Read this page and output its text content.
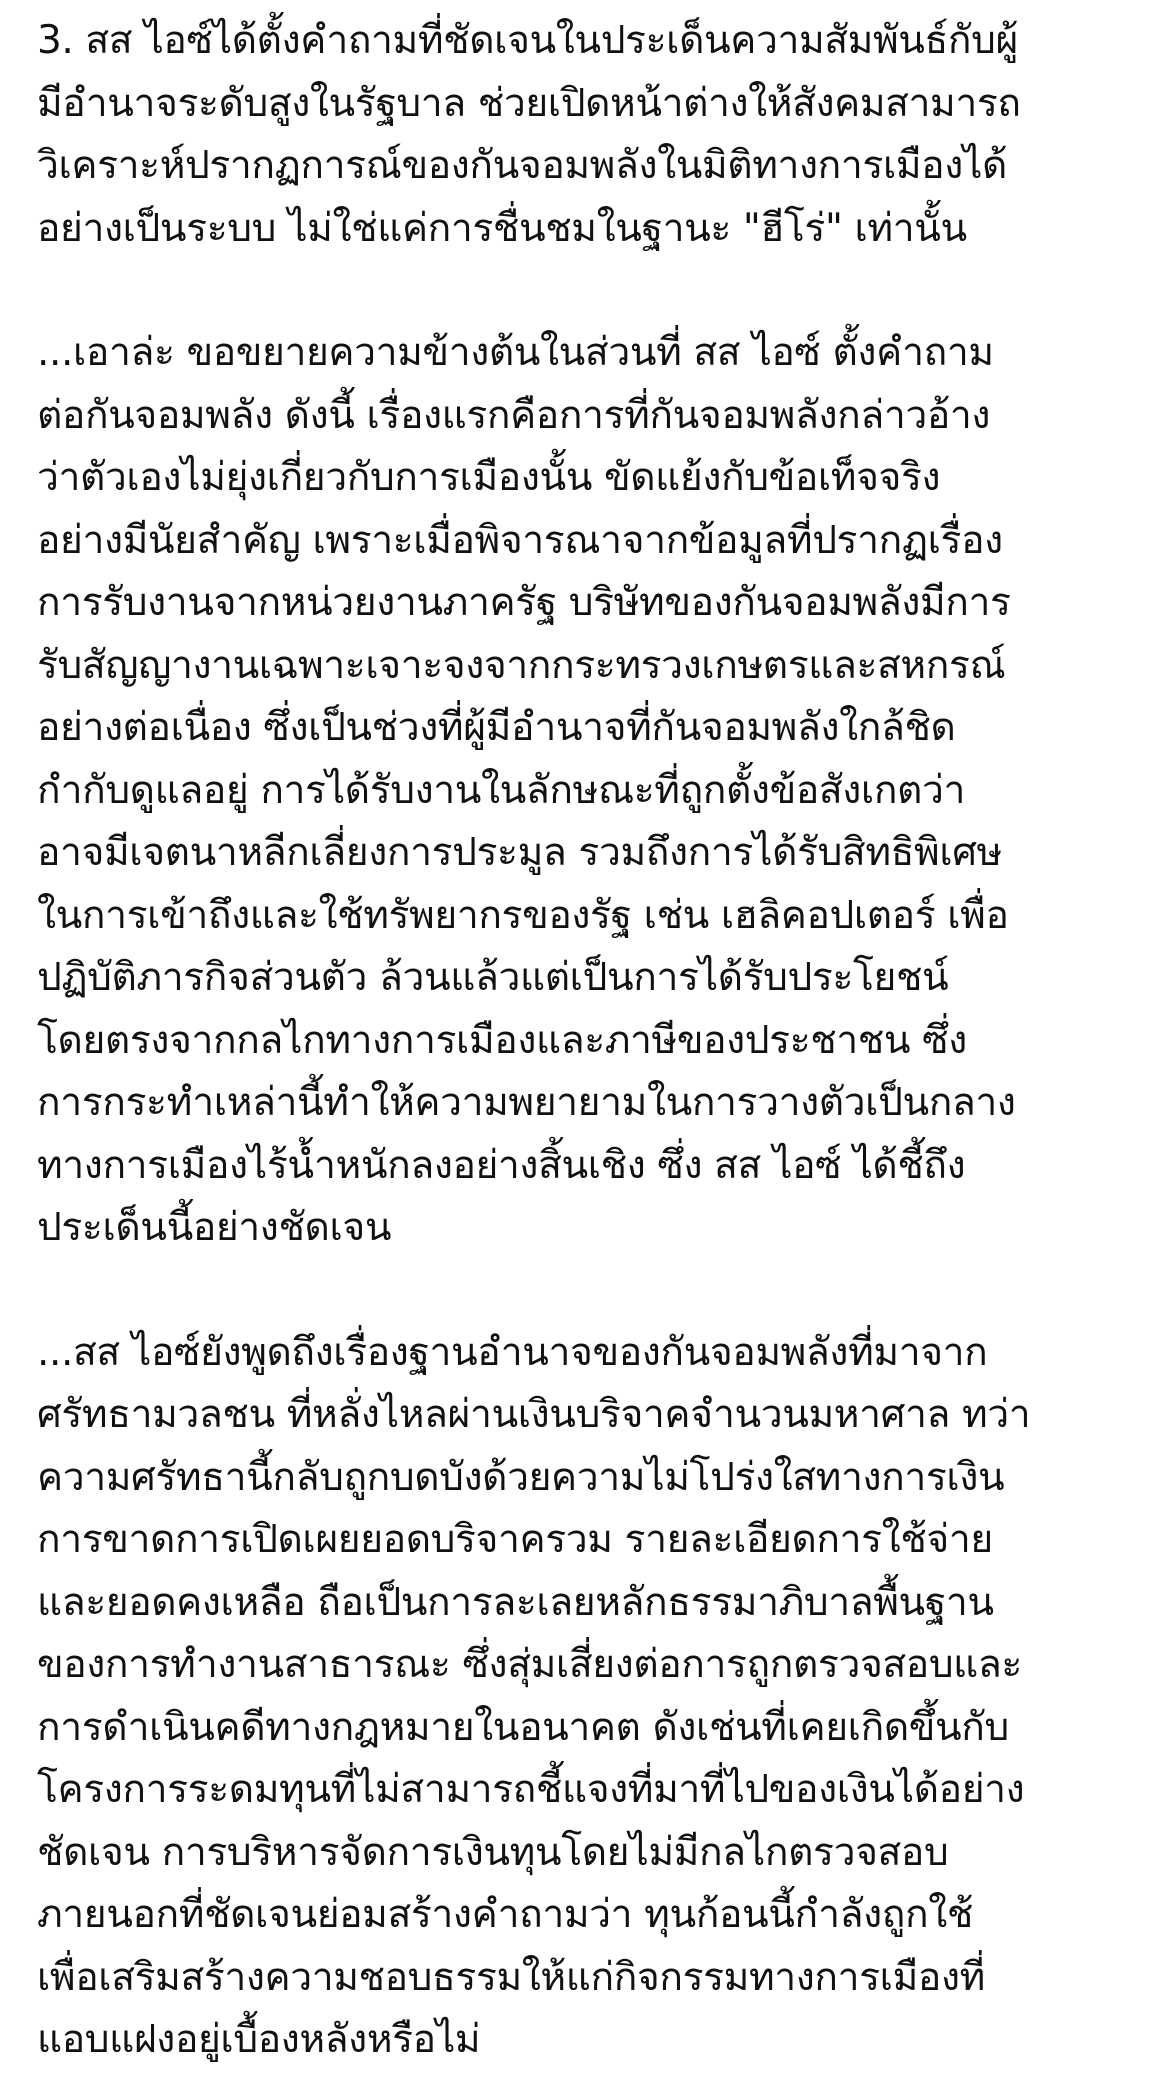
3. สส ไอซ์ได้ตั้งคำถามที่ชัดเจนในประเด็นความสัมพันธ์กับผู้
มีอำนาจระดับสูงในรัฐบาล ช่วยเปิดหน้าต่างให้สังคมสามารถ
วิเคราะห์ปรากฏการณ์ของกันจอมพลังในมิติทางการเมืองได้
อย่างเป็นระบบ ไม่ใช่แค่การชื่นชมในฐานะ "ฮีโร่" เท่านั้น
...เอาล่ะ ขอขยายความข้างต้นในส่วนที่ สส ไอซ์ ตั้งคำถาม
ต่อกันจอมพลัง ดังนี้ เรื่องแรกคือการที่กันจอมพลังกล่าวอ้าง
ว่าตัวเองไม่ยุ่งเกี่ยวกับการเมืองนั้น ขัดแย้งกับข้อเท็จจริง
อย่างมีนัยสำคัญ เพราะเมื่อพิจารณาจากข้อมูลที่ปรากฏเรื่อง
การรับงานจากหน่วยงานภาครัฐ บริษัทของกันจอมพลังมีการ
รับสัญญางานเฉพาะเจาะจงจากกระทรวงเกษตรและสหกรณ์
อย่างต่อเนื่อง ซึ่งเป็นช่วงที่ผู้มีอำนาจที่กันจอมพลังใกล้ชิด
กำกับดูแลอยู่ การได้รับงานในลักษณะที่ถูกตั้งข้อสังเกตว่า
อาจมีเจตนาหลีกเลี่ยงการประมูล รวมถึงการได้รับสิทธิพิเศษ
ในการเข้าถึงและใช้ทรัพยากรของรัฐ เช่น เฮลิคอปเตอร์ เพื่อ
ปฏิบัติภารกิจส่วนตัว ล้วนแล้วแต่เป็นการได้รับประโยชน์
โดยตรงจากกลไกทางการเมืองและภาษีของประชาชน ซึ่ง
การกระทำเหล่านี้ทำให้ความพยายามในการวางตัวเป็นกลาง
ทางการเมืองไร้น้ำหนักลงอย่างสิ้นเชิง ซึ่ง สส ไอซ์ ได้ชี้ถึง
ประเด็นนี้อย่างชัดเจน
...สส ไอซ์ยังพูดถึงเรื่องฐานอำนาจของกันจอมพลังที่มาจาก
ศรัทธามวลชน ที่หลั่งไหลผ่านเงินบริจาคจำนวนมหาศาล ทว่า
ความศรัทธานี้กลับถูกบดบังด้วยความไม่โปร่งใสทางการเงิน
การขาดการเปิดเผยยอดบริจาครวม รายละเอียดการใช้จ่าย
และยอดคงเหลือ ถือเป็นการละเลยหลักธรรมาภิบาลพื้นฐาน
ของการทำงานสาธารณะ ซึ่งสุ่มเสี่ยงต่อการถูกตรวจสอบและ
การดำเนินคดีทางกฎหมายในอนาคต ดังเช่นที่เคยเกิดขึ้นกับ
โครงการระดมทุนที่ไม่สามารถชี้แจงที่มาที่ไปของเงินได้อย่าง
ชัดเจน การบริหารจัดการเงินทุนโดยไม่มีกลไกตรวจสอบ
ภายนอกที่ชัดเจนย่อมสร้างคำถามว่า ทุนก้อนนี้กำลังถูกใช้
เพื่อเสริมสร้างความชอบธรรมให้แก่กิจกรรมทางการเมืองที่
แอบแฝงอยู่เบื้องหลังหรือไม่
